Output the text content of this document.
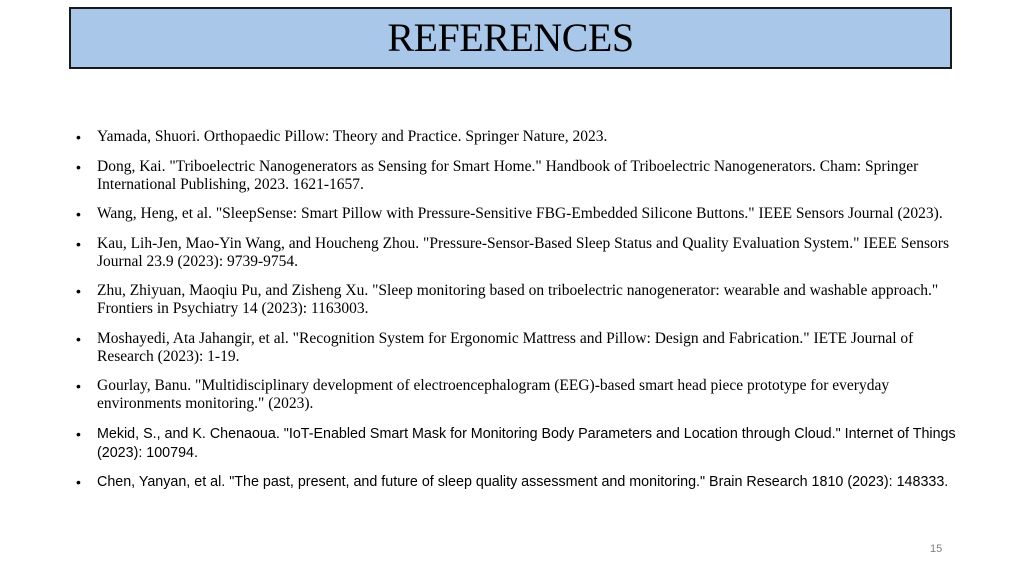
REFERENCES
• Yamada, Shuori. Orthopaedic Pillow: Theory and Practice. Springer Nature, 2023.
• Dong, Kai. "Triboelectric Nanogenerators as Sensing for Smart Home." Handbook of Triboelectric Nanogenerators. Cham: Springer International Publishing, 2023. 1621-1657.
• Wang, Heng, et al. "SleepSense: Smart Pillow with Pressure-Sensitive FBG-Embedded Silicone Buttons." IEEE Sensors Journal (2023).
• Kau, Lih-Jen, Mao-Yin Wang, and Houcheng Zhou. "Pressure-Sensor-Based Sleep Status and Quality Evaluation System." IEEE Sensors Journal 23.9 (2023): 9739-9754.
• Zhu, Zhiyuan, Maoqiu Pu, and Zisheng Xu. "Sleep monitoring based on triboelectric nanogenerator: wearable and washable approach." Frontiers in Psychiatry 14 (2023): 1163003.
• Moshayedi, Ata Jahangir, et al. "Recognition System for Ergonomic Mattress and Pillow: Design and Fabrication." IETE Journal of Research (2023): 1-19.
• Gourlay, Banu. "Multidisciplinary development of electroencephalogram (EEG)-based smart head piece prototype for everyday environments monitoring." (2023).
• Mekid, S., and K. Chenaoua. "IoT-Enabled Smart Mask for Monitoring Body Parameters and Location through Cloud." Internet of Things (2023): 100794.
• Chen, Yanyan, et al. "The past, present, and future of sleep quality assessment and monitoring." Brain Research 1810 (2023): 148333.
15
